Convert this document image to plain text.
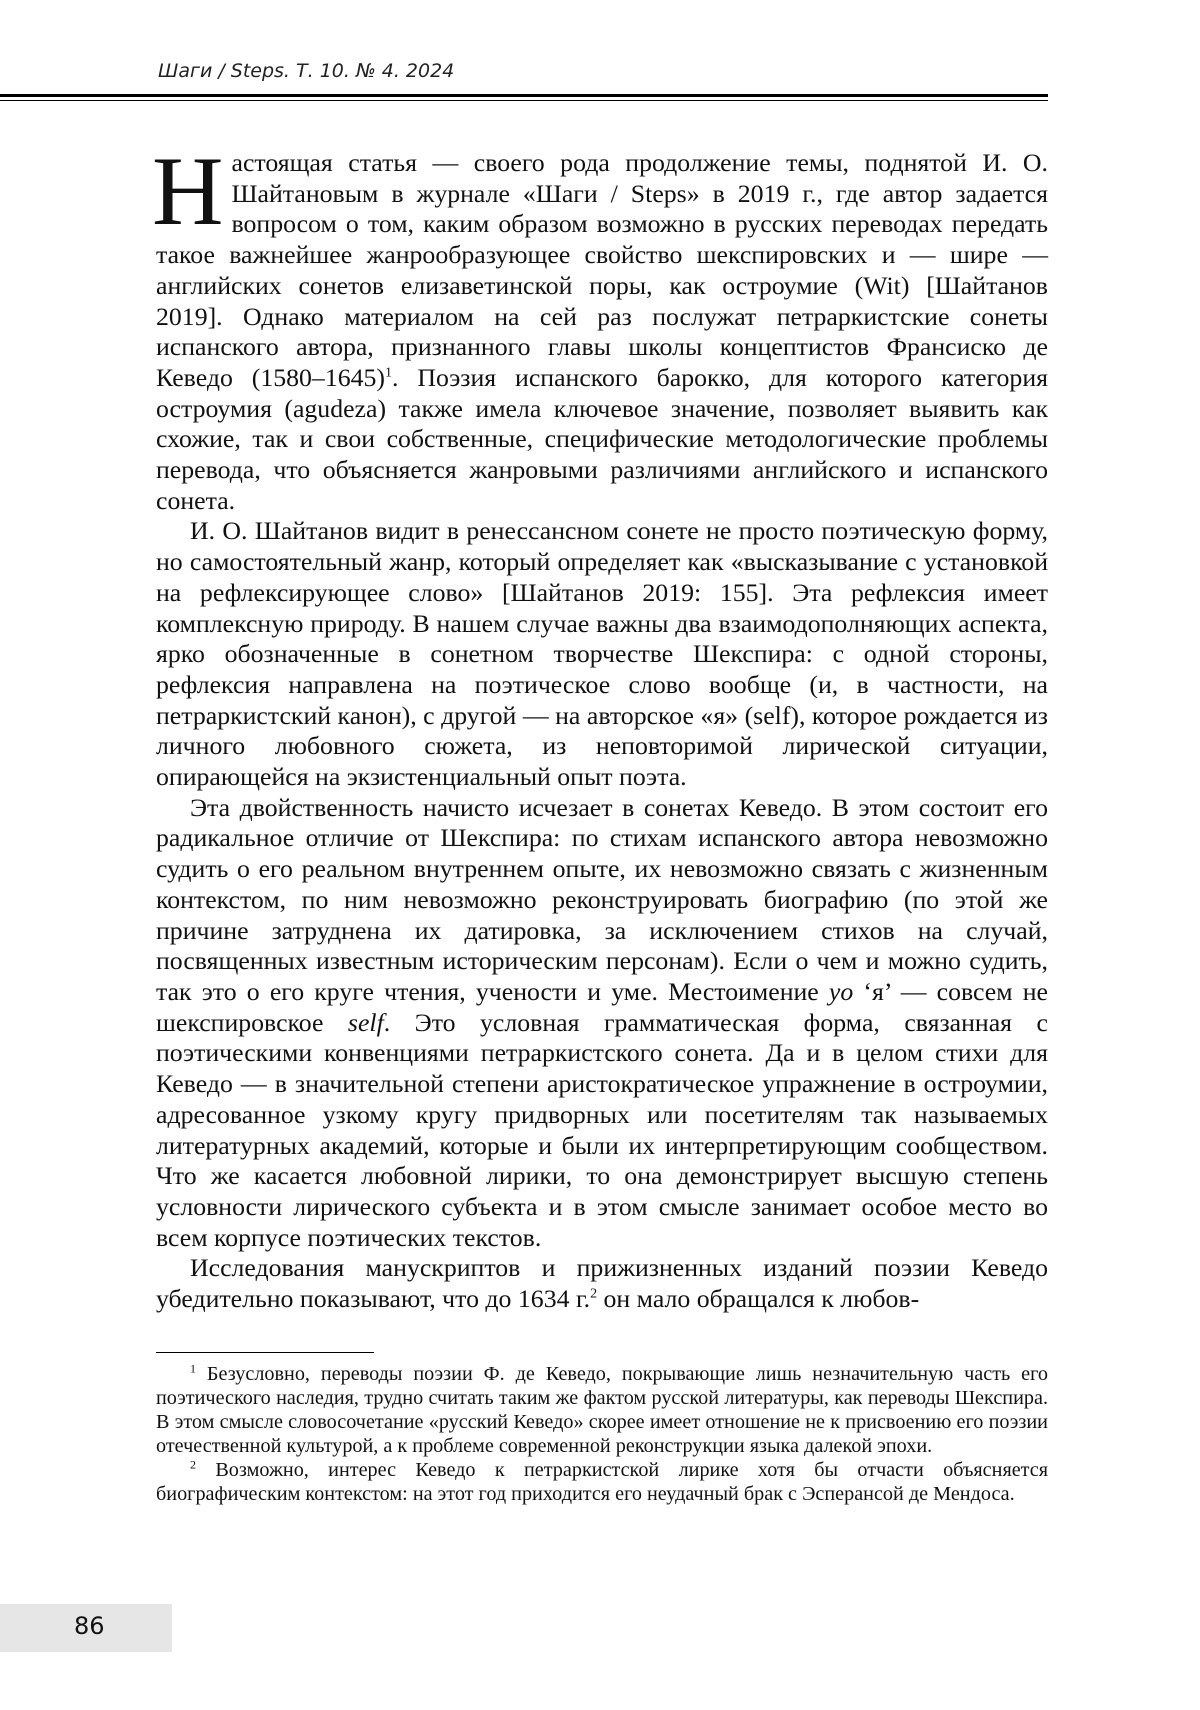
Шаги / Steps. Т. 10. № 4. 2024

Настоящая статья — своего рода продолжение темы, поднятой И. О. Шайтановым в журнале «Шаги / Steps» в 2019 г., где автор задается вопросом о том, каким образом возможно в русских переводах передать такое важнейшее жанрообразующее свойство шекспировских и — шире — английских сонетов елизаветинской поры, как остроумие (Wit) [Шайтанов 2019]. Однако материалом на сей раз послужат петраркистские сонеты испанского автора, признанного главы школы концептистов Франсиско де Кеведо (1580–1645)$^1$. Поэзия испанского барокко, для которого категория остроумия (agudeza) также имела ключевое значение, позволяет выявить как схожие, так и свои собственные, специфические методологические проблемы перевода, что объясняется жанровыми различиями английского и испанского сонета.

И. О. Шайтанов видит в ренессансном сонете не просто поэтическую форму, но самостоятельный жанр, который определяет как «высказывание с установкой на рефлексирующее слово» [Шайтанов 2019: 155]. Эта рефлексия имеет комплексную природу. В нашем случае важны два взаимодополняющих аспекта, ярко обозначенные в сонетном творчестве Шекспира: с одной стороны, рефлексия направлена на поэтическое слово вообще (и, в частности, на петраркистский канон), с другой — на авторское «я» (self), которое рождается из личного любовного сюжета, из неповторимой лирической ситуации, опирающейся на экзистенциальный опыт поэта.

Эта двойственность начисто исчезает в сонетах Кеведо. В этом состоит его радикальное отличие от Шекспира: по стихам испанского автора невозможно судить о его реальном внутреннем опыте, их невозможно связать с жизненным контекстом, по ним невозможно реконструировать биографию (по этой же причине затруднена их датировка, за исключением стихов на случай, посвященных известным историческим персонам). Если о чем и можно судить, так это о его круге чтения, учености и уме. Местоимение yo ‘я’ — совсем не шекспировское self. Это условная грамматическая форма, связанная с поэтическими конвенциями петраркистского сонета. Да и в целом стихи для Кеведо — в значительной степени аристократическое упражнение в остроумии, адресованное узкому кругу придворных или посетителям так называемых литературных академий, которые и были их интерпретирующим сообществом. Что же касается любовной лирики, то она демонстрирует высшую степень условности лирического субъекта и в этом смысле занимает особое место во всем корпусе поэтических текстов.

Исследования манускриптов и прижизненных изданий поэзии Кеведо убедительно показывают, что до 1634 г.$^2$ он мало обращался к любов-

$^1$ Безусловно, переводы поэзии Ф. де Кеведо, покрывающие лишь незначительную часть его поэтического наследия, трудно считать таким же фактом русской литературы, как переводы Шекспира. В этом смысле словосочетание «русский Кеведо» скорее имеет отношение не к присвоению его поэзии отечественной культурой, а к проблеме современной реконструкции языка далекой эпохи.

$^2$ Возможно, интерес Кеведо к петраркистской лирике хотя бы отчасти объясняется биографическим контекстом: на этот год приходится его неудачный брак с Эсперансой де Мендоса.

86
